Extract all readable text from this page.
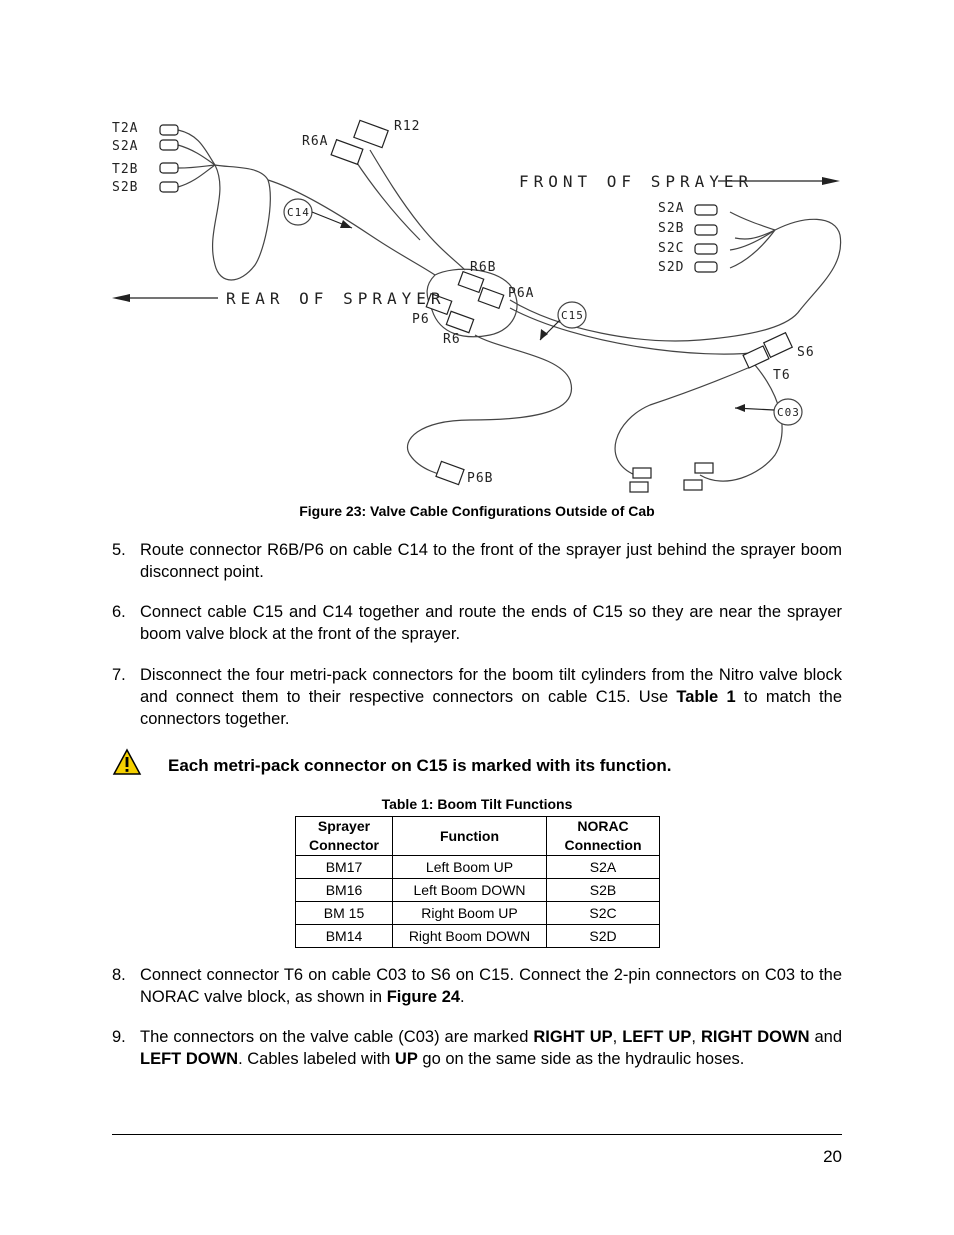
T2A
S2A
T2B
S2B
R12
R6A
C14
FRONT OF SPRAYER
REAR OF SPRAYER
S2A
S2B
S2C
S2D
R6B
P6A
P6
R6
C15
S6
T6
C03
P6B
Figure 23: Valve Cable Configurations Outside of Cab
5. Route connector R6B/P6 on cable C14 to the front of the sprayer just behind the sprayer boom disconnect point.
6. Connect cable C15 and C14 together and route the ends of C15 so they are near the sprayer boom valve block at the front of the sprayer.
7. Disconnect the four metri-pack connectors for the boom tilt cylinders from the Nitro valve block and connect them to their respective connectors on cable C15. Use Table 1 to match the connectors together.
Each metri-pack connector on C15 is marked with its function.
Table 1: Boom Tilt Functions
Sprayer
Connector	Function	NORAC
Connection
BM17	Left Boom UP	S2A
BM16	Left Boom DOWN	S2B
BM 15	Right Boom UP	S2C
BM14	Right Boom DOWN	S2D
8. Connect connector T6 on cable C03 to S6 on C15. Connect the 2-pin connectors on C03 to the NORAC valve block, as shown in Figure 24.
9. The connectors on the valve cable (C03) are marked RIGHT UP, LEFT UP, RIGHT DOWN and LEFT DOWN. Cables labeled with UP go on the same side as the hydraulic hoses.
20
